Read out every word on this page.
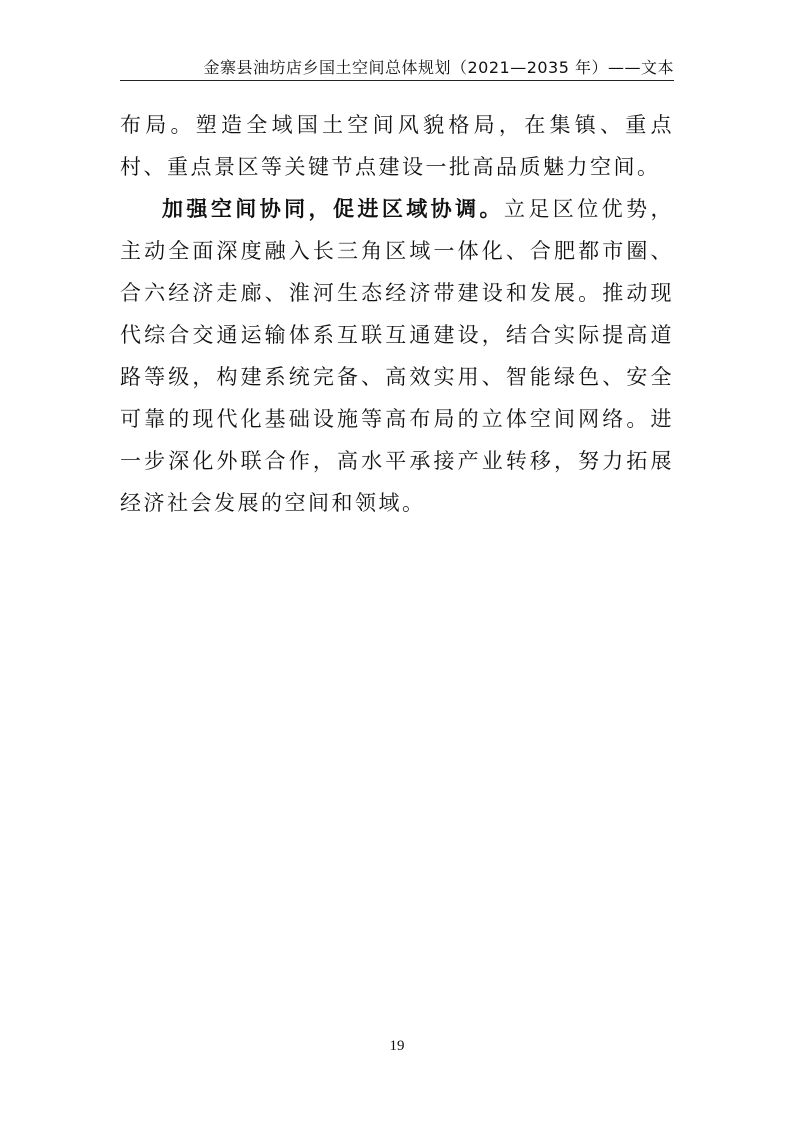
金寨县油坊店乡国土空间总体规划（2021—2035 年）——文本

布局。塑造全域国土空间风貌格局，在集镇、重点村、重点景区等关键节点建设一批高品质魅力空间。

加强空间协同，促进区域协调。立足区位优势，主动全面深度融入长三角区域一体化、合肥都市圈、合六经济走廊、淮河生态经济带建设和发展。推动现代综合交通运输体系互联互通建设，结合实际提高道路等级，构建系统完备、高效实用、智能绿色、安全可靠的现代化基础设施等高布局的立体空间网络。进一步深化外联合作，高水平承接产业转移，努力拓展经济社会发展的空间和领域。

19
